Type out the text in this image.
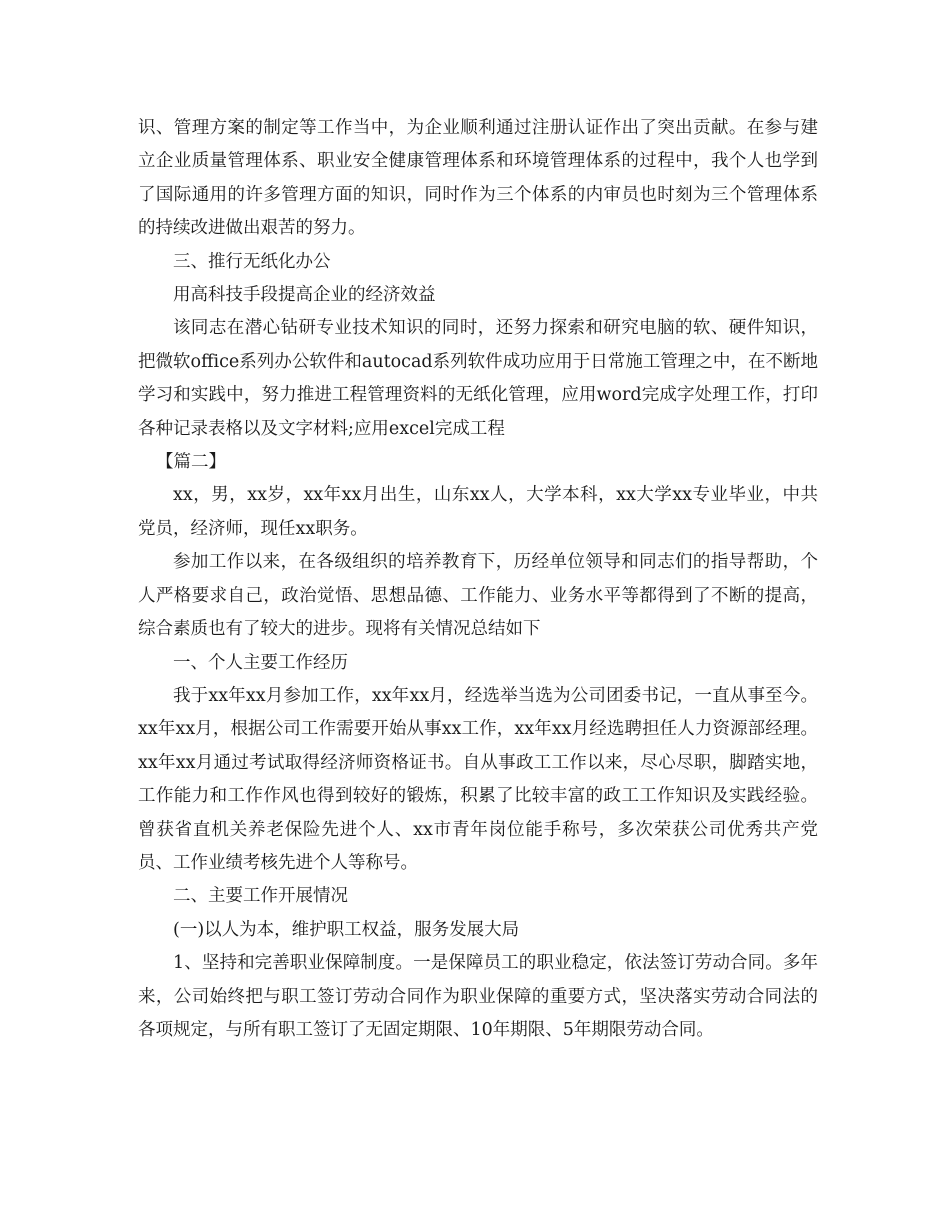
识、管理方案的制定等工作当中，为企业顺利通过注册认证作出了突出贡献。在参与建立企业质量管理体系、职业安全健康管理体系和环境管理体系的过程中，我个人也学到了国际通用的许多管理方面的知识，同时作为三个体系的内审员也时刻为三个管理体系的持续改进做出艰苦的努力。

三、推行无纸化办公

用高科技手段提高企业的经济效益

该同志在潜心钻研专业技术知识的同时，还努力探索和研究电脑的软、硬件知识，把微软office系列办公软件和autocad系列软件成功应用于日常施工管理之中，在不断地学习和实践中，努力推进工程管理资料的无纸化管理，应用word完成字处理工作，打印各种记录表格以及文字材料;应用excel完成工程

【篇二】

xx，男，xx岁，xx年xx月出生，山东xx人，大学本科，xx大学xx专业毕业，中共党员，经济师，现任xx职务。

参加工作以来，在各级组织的培养教育下，历经单位领导和同志们的指导帮助，个人严格要求自己，政治觉悟、思想品德、工作能力、业务水平等都得到了不断的提高，综合素质也有了较大的进步。现将有关情况总结如下

一、个人主要工作经历

我于xx年xx月参加工作，xx年xx月，经选举当选为公司团委书记，一直从事至今。xx年xx月，根据公司工作需要开始从事xx工作，xx年xx月经选聘担任人力资源部经理。xx年xx月通过考试取得经济师资格证书。自从事政工工作以来，尽心尽职，脚踏实地，工作能力和工作作风也得到较好的锻炼，积累了比较丰富的政工工作知识及实践经验。曾获省直机关养老保险先进个人、xx市青年岗位能手称号，多次荣获公司优秀共产党员、工作业绩考核先进个人等称号。

二、主要工作开展情况

(一)以人为本，维护职工权益，服务发展大局

1、坚持和完善职业保障制度。一是保障员工的职业稳定，依法签订劳动合同。多年来，公司始终把与职工签订劳动合同作为职业保障的重要方式，坚决落实劳动合同法的各项规定，与所有职工签订了无固定期限、10年期限、5年期限劳动合同。
